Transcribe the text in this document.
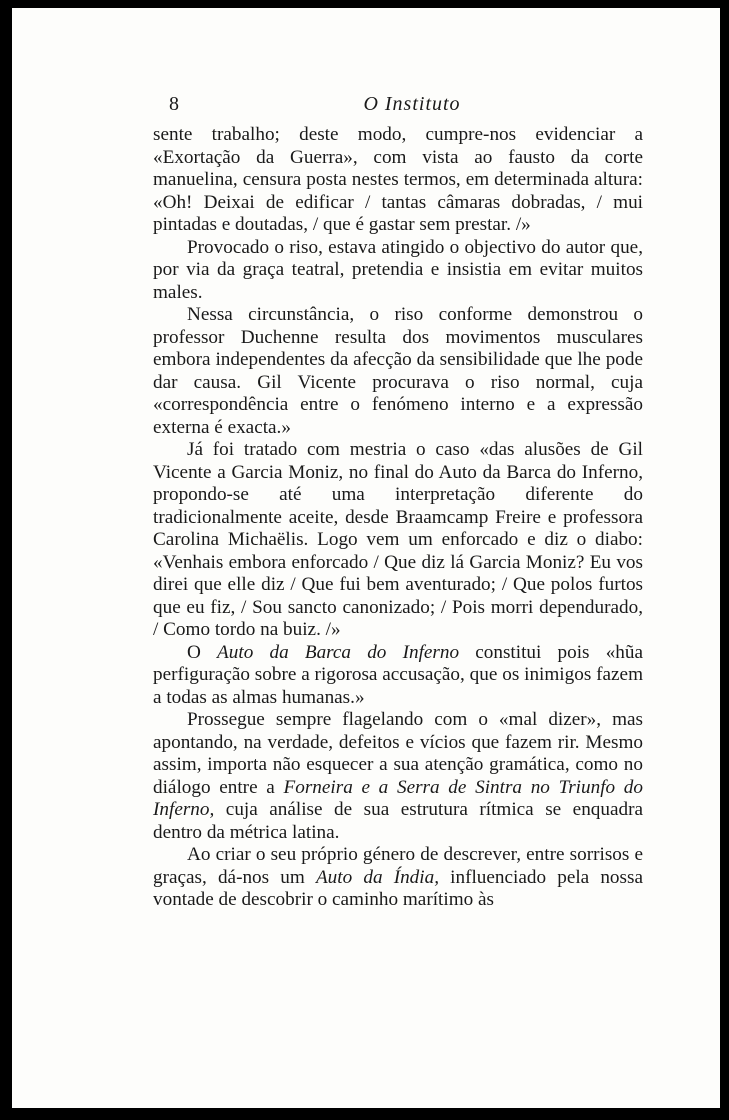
8	O Instituto

sente trabalho; deste modo, cumpre-nos evidenciar a «Exortação da Guerra», com vista ao fausto da corte manuelina, censura posta nestes termos, em determinada altura: «Oh! Deixai de edificar / tantas câmaras dobradas, / mui pintadas e doutadas, / que é gastar sem prestar. /»

Provocado o riso, estava atingido o objectivo do autor que, por via da graça teatral, pretendia e insistia em evitar muitos males.

Nessa circunstância, o riso conforme demonstrou o professor Duchenne resulta dos movimentos musculares embora independentes da afecção da sensibilidade que lhe pode dar causa. Gil Vicente procurava o riso normal, cuja «correspondência entre o fenómeno interno e a expressão externa é exacta.»

Já foi tratado com mestria o caso «das alusões de Gil Vicente a Garcia Moniz, no final do Auto da Barca do Inferno, propondo-se até uma interpretação diferente do tradicionalmente aceite, desde Braamcamp Freire e professora Carolina Michaëlis. Logo vem um enforcado e diz o diabo: «Venhais embora enforcado / Que diz lá Garcia Moniz? Eu vos direi que elle diz / Que fui bem aventurado; / Que polos furtos que eu fiz, / Sou sancto canonizado; / Pois morri dependurado, / Como tordo na buiz. /»

O Auto da Barca do Inferno constitui pois «hũa perfiguração sobre a rigorosa accusação, que os inimigos fazem a todas as almas humanas.»

Prossegue sempre flagelando com o «mal dizer», mas apontando, na verdade, defeitos e vícios que fazem rir. Mesmo assim, importa não esquecer a sua atenção gramática, como no diálogo entre a Forneira e a Serra de Sintra no Triunfo do Inferno, cuja análise de sua estrutura rítmica se enquadra dentro da métrica latina.

Ao criar o seu próprio género de descrever, entre sorrisos e graças, dá-nos um Auto da Índia, influenciado pela nossa vontade de descobrir o caminho marítimo às
